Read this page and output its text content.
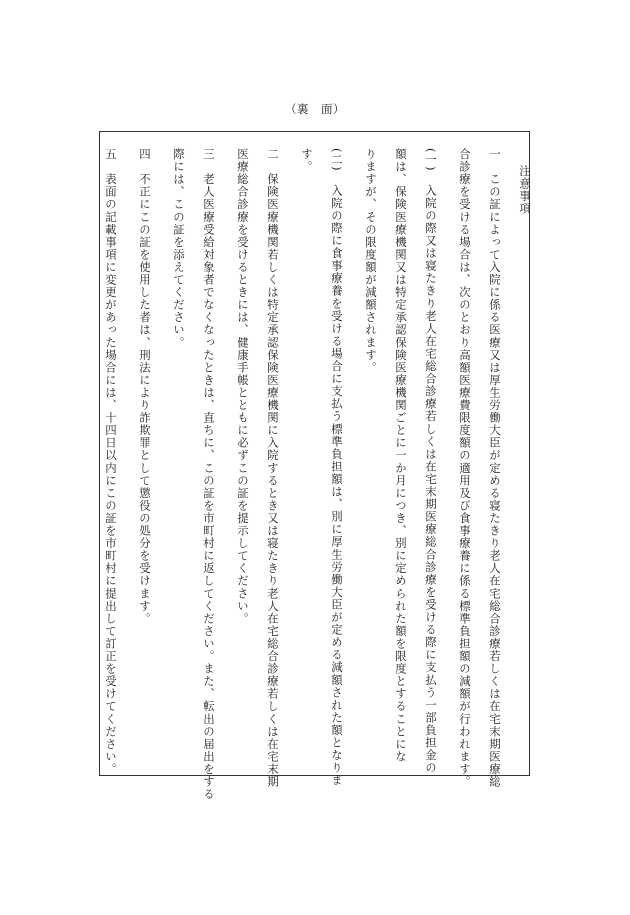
（裏　面）
注意事項
一　この証によって入院に係る医療又は厚生労働大臣が定める寝たきり老人在宅総合診療若しくは在宅末期医療総
合診療を受ける場合は、次のとおり高額医療費限度額の適用及び食事療養に係る標準負担額の減額が行われます。
(一)　入院の際又は寝たきり老人在宅総合診療若しくは在宅末期医療総合診療を受ける際に支払う一部負担金の
額は、保険医療機関又は特定承認保険医療機関ごとに一か月につき、別に定められた額を限度とすることにな
りますが、その限度額が減額されます。
(二)　入院の際に食事療養を受ける場合に支払う標準負担額は、別に厚生労働大臣が定める減額された額となりま
す。
二　保険医療機関若しくは特定承認保険医療機関に入院するとき又は寝たきり老人在宅総合診療若しくは在宅末期
医療総合診療を受けるときには、健康手帳とともに必ずこの証を提示してください。
三　老人医療受給対象者でなくなったときは、直ちに、この証を市町村に返してください。また、転出の届出をする
際には、この証を添えてください。
四　不正にこの証を使用した者は、刑法により詐欺罪として懲役の処分を受けます。
五　表面の記載事項に変更があった場合には、十四日以内にこの証を市町村に提出して訂正を受けてください。
